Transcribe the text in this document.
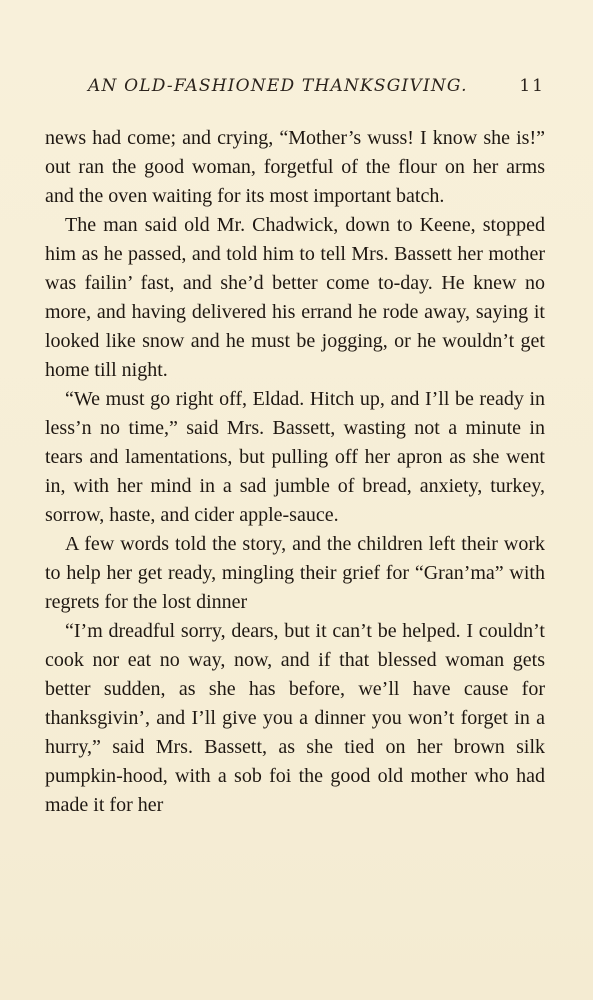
AN OLD-FASHIONED THANKSGIVING.	11

news had come; and crying, “Mother’s wuss! I know she is!” out ran the good woman, forgetful of the flour on her arms and the oven waiting for its most important batch.

The man said old Mr. Chadwick, down to Keene, stopped him as he passed, and told him to tell Mrs. Bassett her mother was failin’ fast, and she’d better come to-day. He knew no more, and having delivered his errand he rode away, saying it looked like snow and he must be jogging, or he wouldn’t get home till night.

“We must go right off, Eldad. Hitch up, and I’ll be ready in less’n no time,” said Mrs. Bassett, wasting not a minute in tears and lamentations, but pulling off her apron as she went in, with her mind in a sad jumble of bread, anxiety, turkey, sorrow, haste, and cider apple-sauce.

A few words told the story, and the children left their work to help her get ready, mingling their grief for “Gran’ma” with regrets for the lost dinner

“I’m dreadful sorry, dears, but it can’t be helped. I couldn’t cook nor eat no way, now, and if that blessed woman gets better sudden, as she has before, we’ll have cause for thanksgivin’, and I’ll give you a dinner you won’t forget in a hurry,” said Mrs. Bassett, as she tied on her brown silk pumpkin-hood, with a sob foi the good old mother who had made it for her
